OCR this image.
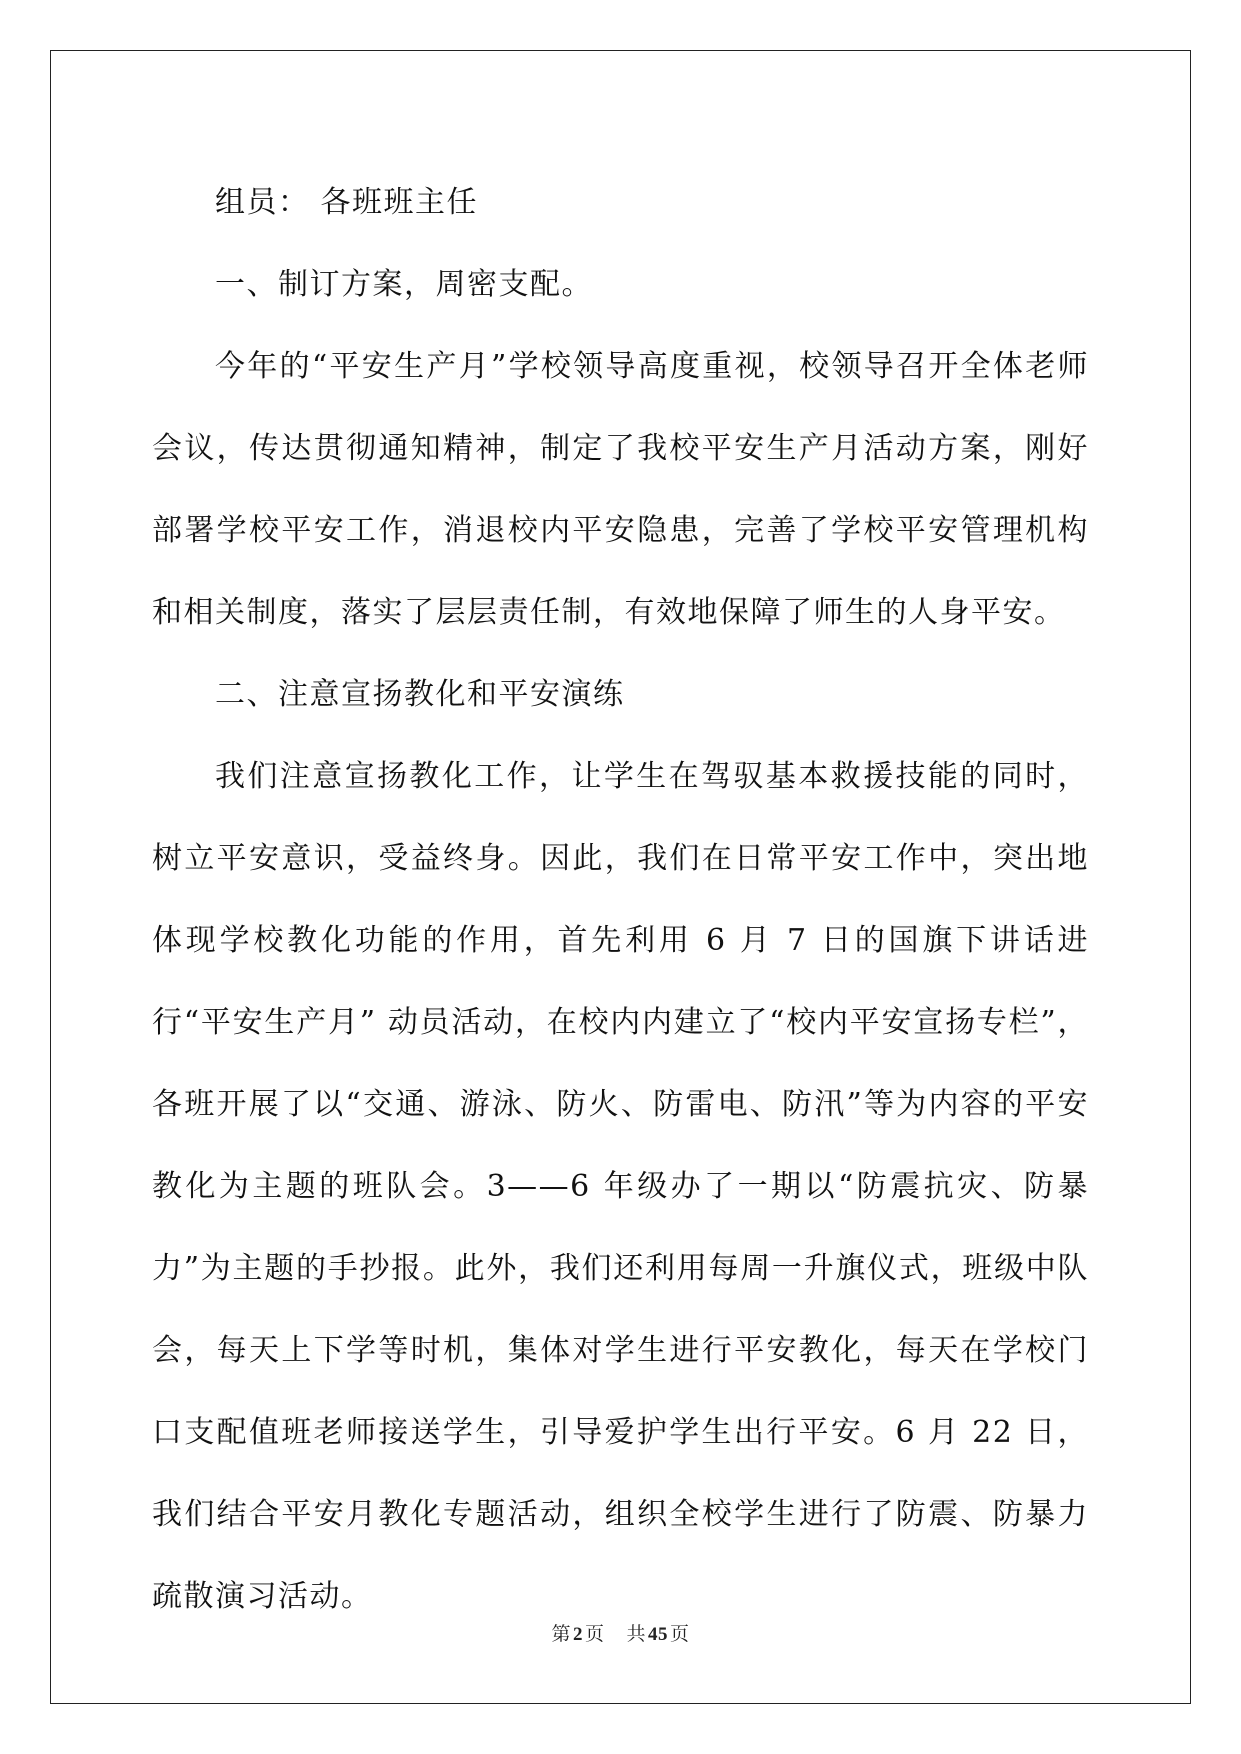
组员： 各班班主任

一、制订方案，周密支配。

今年的“平安生产月”学校领导高度重视，校领导召开全体老师会议，传达贯彻通知精神，制定了我校平安生产月活动方案，刚好部署学校平安工作，消退校内平安隐患，完善了学校平安管理机构和相关制度，落实了层层责任制，有效地保障了师生的人身平安。

二、注意宣扬教化和平安演练

我们注意宣扬教化工作，让学生在驾驭基本救援技能的同时，树立平安意识，受益终身。因此，我们在日常平安工作中，突出地体现学校教化功能的作用，首先利用 6 月 7 日的国旗下讲话进行“平安生产月” 动员活动，在校内内建立了“校内平安宣扬专栏”，各班开展了以“交通、游泳、防火、防雷电、防汛”等为内容的平安教化为主题的班队会。3——6 年级办了一期以“防震抗灾、防暴力”为主题的手抄报。此外，我们还利用每周一升旗仪式，班级中队会，每天上下学等时机，集体对学生进行平安教化，每天在学校门口支配值班老师接送学生，引导爱护学生出行平安。6 月 22 日，我们结合平安月教化专题活动，组织全校学生进行了防震、防暴力疏散演习活动。

第 2 页 共 45 页
